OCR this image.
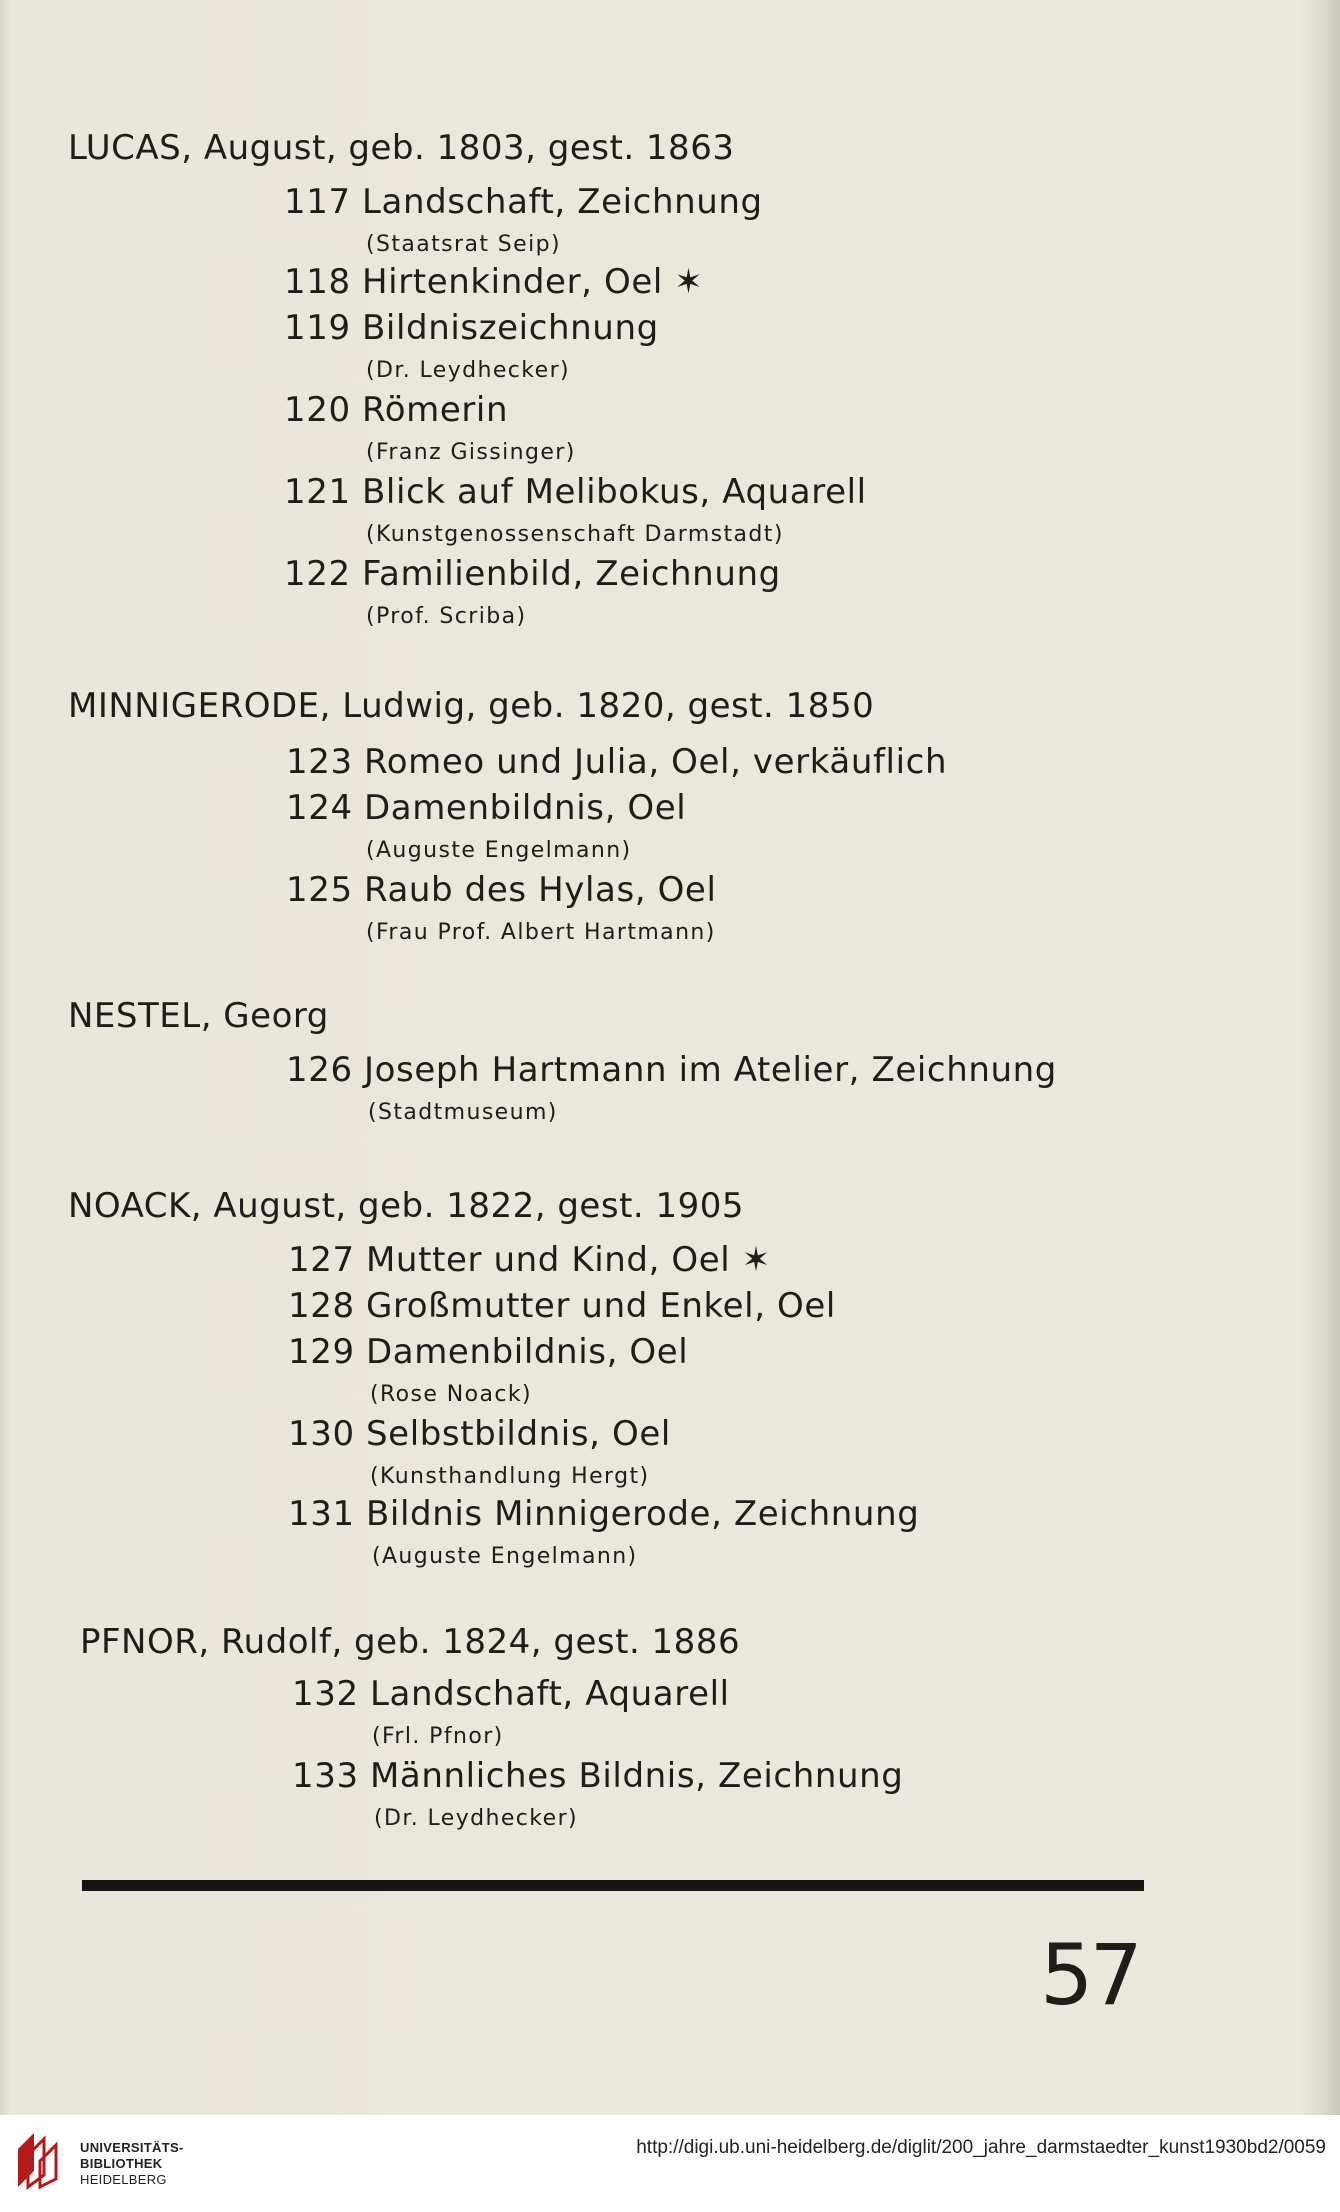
LUCAS, August, geb. 1803, gest. 1863
117 Landschaft, Zeichnung
(Staatsrat Seip)
118 Hirtenkinder, Oel ✶
119 Bildniszeichnung
(Dr. Leydhecker)
120 Römerin
(Franz Gissinger)
121 Blick auf Melibokus, Aquarell
(Kunstgenossenschaft Darmstadt)
122 Familienbild, Zeichnung
(Prof. Scriba)
MINNIGERODE, Ludwig, geb. 1820, gest. 1850
123 Romeo und Julia, Oel, verkäuflich
124 Damenbildnis, Oel
(Auguste Engelmann)
125 Raub des Hylas, Oel
(Frau Prof. Albert Hartmann)
NESTEL, Georg
126 Joseph Hartmann im Atelier, Zeichnung
(Stadtmuseum)
NOACK, August, geb. 1822, gest. 1905
127 Mutter und Kind, Oel ✶
128 Großmutter und Enkel, Oel
129 Damenbildnis, Oel
(Rose Noack)
130 Selbstbildnis, Oel
(Kunsthandlung Hergt)
131 Bildnis Minnigerode, Zeichnung
(Auguste Engelmann)
PFNOR, Rudolf, geb. 1824, gest. 1886
132 Landschaft, Aquarell
(Frl. Pfnor)
133 Männliches Bildnis, Zeichnung
(Dr. Leydhecker)
57
UNIVERSITÄTS-
BIBLIOTHEK
HEIDELBERG
http://digi.ub.uni-heidelberg.de/diglit/200_jahre_darmstaedter_kunst1930bd2/0059
